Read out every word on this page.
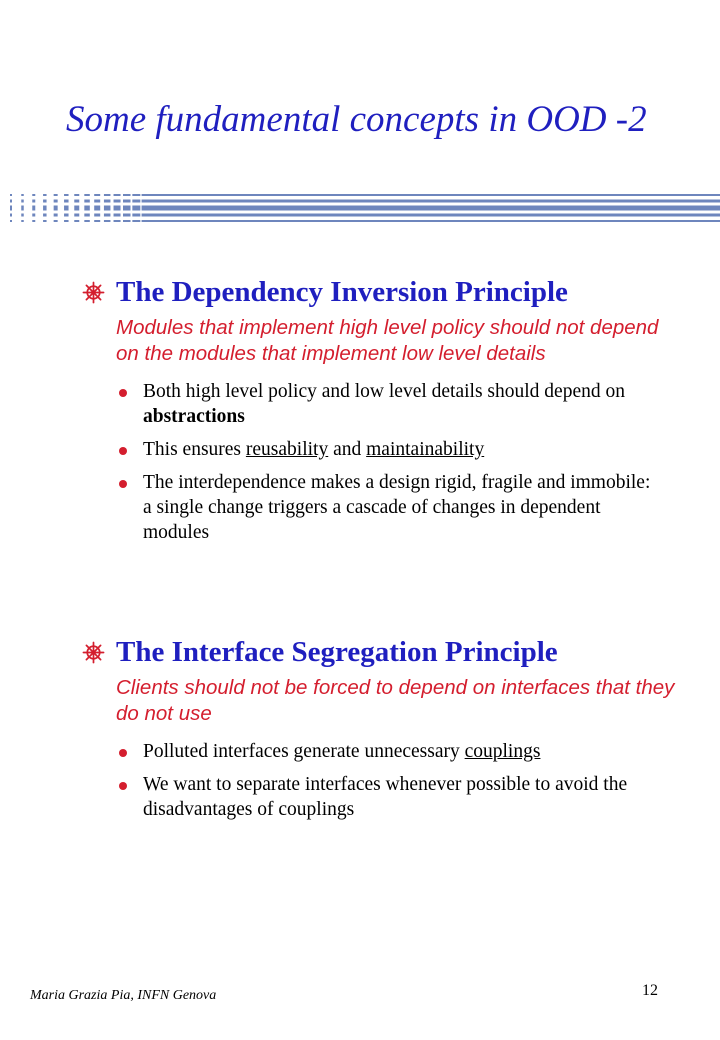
Some fundamental concepts in OOD -2
The Dependency Inversion Principle
Modules that implement high level policy should not depend on the modules that implement low level details
Both high level policy and low level details should depend on abstractions
This ensures reusability and maintainability
The interdependence makes a design rigid, fragile and immobile: a single change triggers a cascade of changes in dependent modules
The Interface Segregation Principle
Clients should not be forced to depend on interfaces that they do not use
Polluted interfaces generate unnecessary couplings
We want to separate interfaces whenever possible to avoid the disadvantages of couplings
Maria Grazia Pia, INFN Genova	12
